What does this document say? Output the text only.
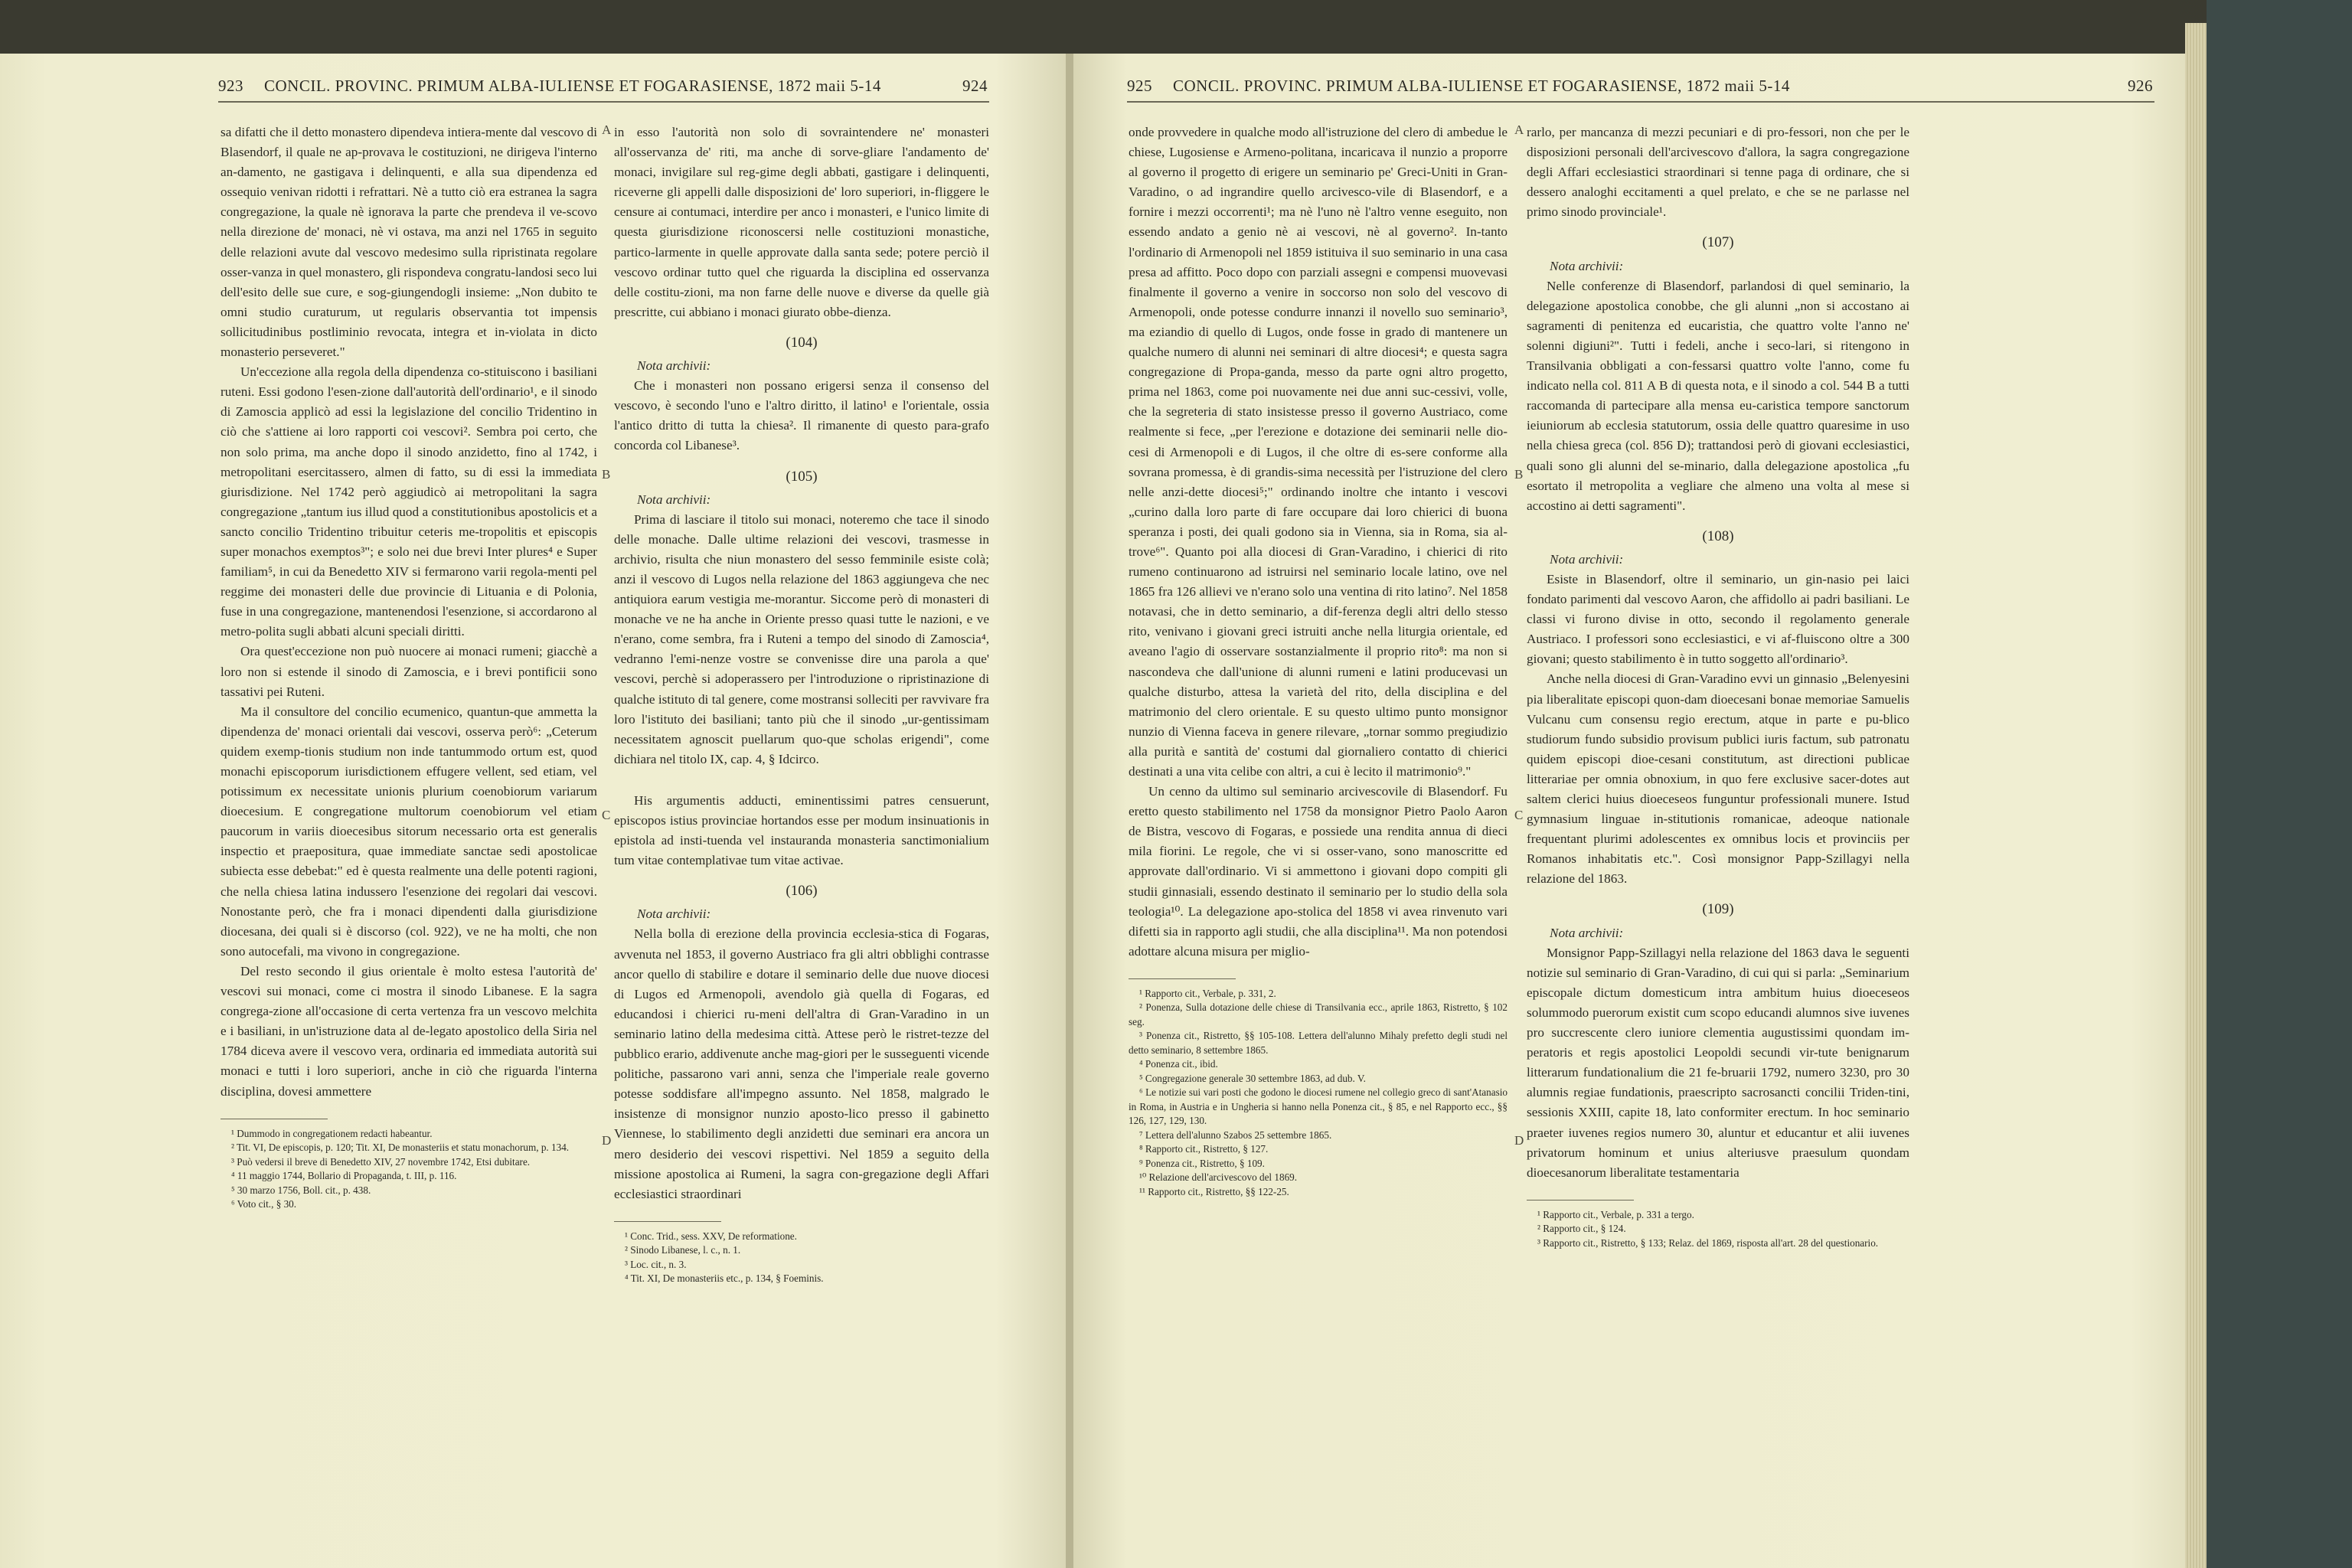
923 CONCIL. PROVINC. PRIMUM ALBA-IULIENSE ET FOGARASIENSE, 1872 maii 5-14	924
A
B
C
D

sa difatti che il detto monastero dipendeva intiera-mente dal vescovo di Blasendorf, il quale ne ap-provava le costituzioni, ne dirigeva l'interno an-damento, ne gastigava i delinquenti, e alla sua dipendenza ed ossequio venivan ridotti i refrattari. Nè a tutto ciò era estranea la sagra congregazione, la quale nè ignorava la parte che prendeva il ve-scovo nella direzione de' monaci, nè vi ostava, ma anzi nel 1765 in seguito delle relazioni avute dal vescovo medesimo sulla ripristinata regolare osser-vanza in quel monastero, gli rispondeva congratu-landosi seco lui dell'esito delle sue cure, e sog-giungendogli insieme: „Non dubito te omni studio curaturum, ut regularis observantia tot impensis sollicitudinibus postliminio revocata, integra et in-violata in dicto monasterio perseveret."

Un'eccezione alla regola della dipendenza co-stituiscono i basiliani ruteni. Essi godono l'esen-zione dall'autorità dell'ordinario¹, e il sinodo di Zamoscia applicò ad essi la legislazione del concilio Tridentino in ciò che s'attiene ai loro rapporti coi vescovi². Sembra poi certo, che non solo prima, ma anche dopo il sinodo anzidetto, fino al 1742, i metropolitani esercitassero, almen di fatto, su di essi la immediata giurisdizione. Nel 1742 però aggiudicò ai metropolitani la sagra congregazione „tantum ius illud quod a constitutionibus apostolicis et a sancto concilio Tridentino tribuitur ceteris me-tropolitis et episcopis super monachos exemptos³"; e solo nei due brevi Inter plures⁴ e Super familiam⁵, in cui da Benedetto XIV si fermarono varii regola-menti pel reggime dei monasteri delle due provincie di Lituania e di Polonia, fuse in una congregazione, mantenendosi l'esenzione, si accordarono al metro-polita sugli abbati alcuni speciali diritti.

Ora quest'eccezione non può nuocere ai monaci rumeni; giacchè a loro non si estende il sinodo di Zamoscia, e i brevi pontificii sono tassativi pei Ruteni.

Ma il consultore del concilio ecumenico, quantun-que ammetta la dipendenza de' monaci orientali dai vescovi, osserva però⁶: „Ceterum quidem exemp-tionis studium non inde tantummodo ortum est, quod monachi episcoporum iurisdictionem effugere vellent, sed etiam, vel potissimum ex necessitate unionis plurium coenobiorum variarum dioecesium. E congregatione multorum coenobiorum vel etiam paucorum in variis dioecesibus sitorum necessario orta est generalis inspectio et praepositura, quae immediate sanctae sedi apostolicae subiecta esse debebat:" ed è questa realmente una delle potenti ragioni, che nella chiesa latina indussero l'esenzione dei regolari dai vescovi. Nonostante però, che fra i monaci dipendenti dalla giurisdizione diocesana, dei quali si è discorso (col. 922), ve ne ha molti, che non sono autocefali, ma vivono in congregazione.

Del resto secondo il gius orientale è molto estesa l'autorità de' vescovi sui monaci, come ci mostra il sinodo Libanese. E la sagra congrega-zione all'occasione di certa vertenza fra un vescovo melchita e i basiliani, in un'istruzione data al de-legato apostolico della Siria nel 1784 diceva avere il vescovo vera, ordinaria ed immediata autorità sui monaci e tutti i loro superiori, anche in ciò che riguarda l'interna disciplina, dovesi ammettere

¹ Dummodo in congregationem redacti habeantur.

² Tit. VI, De episcopis, p. 120; Tit. XI, De monasteriis et statu monachorum, p. 134.

³ Può vedersi il breve di Benedetto XIV, 27 novembre 1742, Etsi dubitare.

⁴ 11 maggio 1744, Bollario di Propaganda, t. III, p. 116.

⁵ 30 marzo 1756, Boll. cit., p. 438.

⁶ Voto cit., § 30.

in esso l'autorità non solo di sovraintendere ne' monasteri all'osservanza de' riti, ma anche di sorve-gliare l'andamento de' monaci, invigilare sul reg-gime degli abbati, gastigare i delinquenti, riceverne gli appelli dalle disposizioni de' loro superiori, in-fliggere le censure ai contumaci, interdire per anco i monasteri, e l'unico limite di questa giurisdizione riconoscersi nelle costituzioni monastiche, partico-larmente in quelle approvate dalla santa sede; potere perciò il vescovo ordinar tutto quel che riguarda la disciplina ed osservanza delle costitu-zioni, ma non farne delle nuove e diverse da quelle già prescritte, cui abbiano i monaci giurato obbe-dienza.

(104)

Nota archivii:

Che i monasteri non possano erigersi senza il consenso del vescovo, è secondo l'uno e l'altro diritto, il latino¹ e l'orientale, ossia l'antico dritto di tutta la chiesa². Il rimanente di questo para-grafo concorda col Libanese³.

(105)

Nota archivii:

Prima di lasciare il titolo sui monaci, noteremo che tace il sinodo delle monache. Dalle ultime relazioni dei vescovi, trasmesse in archivio, risulta che niun monastero del sesso femminile esiste colà; anzi il vescovo di Lugos nella relazione del 1863 aggiungeva che nec antiquiora earum vestigia me-morantur. Siccome però di monasteri di monache ve ne ha anche in Oriente presso quasi tutte le nazioni, e ve n'erano, come sembra, fra i Ruteni a tempo del sinodo di Zamoscia⁴, vedranno l'emi-nenze vostre se convenisse dire una parola a que' vescovi, perchè si adoperassero per l'introduzione o ripristinazione di qualche istituto di tal genere, come mostransi solleciti per ravvivare fra loro l'istituto dei basiliani; tanto più che il sinodo „ur-gentissimam necessitatem agnoscit puellarum quo-que scholas erigendi", come dichiara nel titolo IX, cap. 4, § Idcirco.

His argumentis adducti, eminentissimi patres censuerunt, episcopos istius provinciae hortandos esse per modum insinuationis in epistola ad insti-tuenda vel instauranda monasteria sanctimonialium tum vitae contemplativae tum vitae activae.

(106)

Nota archivii:

Nella bolla di erezione della provincia ecclesia-stica di Fogaras, avvenuta nel 1853, il governo Austriaco fra gli altri obblighi contrasse ancor quello di stabilire e dotare il seminario delle due nuove diocesi di Lugos ed Armenopoli, avendolo già quella di Fogaras, ed educandosi i chierici ru-meni dell'altra di Gran-Varadino in un seminario latino della medesima città. Attese però le ristret-tezze del pubblico erario, addivenute anche mag-giori per le susseguenti vicende politiche, passarono vari anni, senza che l'imperiale reale governo potesse soddisfare all'impegno assunto. Nel 1858, malgrado le insistenze di monsignor nunzio aposto-lico presso il gabinetto Viennese, lo stabilimento degli anzidetti due seminari era ancora un mero desiderio dei vescovi rispettivi. Nel 1859 a seguito della missione apostolica ai Rumeni, la sagra con-gregazione degli Affari ecclesiastici straordinari

¹ Conc. Trid., sess. XXV, De reformatione.

² Sinodo Libanese, l. c., n. 1.

³ Loc. cit., n. 3.

⁴ Tit. XI, De monasteriis etc., p. 134, § Foeminis.

925 CONCIL. PROVINC. PRIMUM ALBA-IULIENSE ET FOGARASIENSE, 1872 maii 5-14	926
A
B
C
D

onde provvedere in qualche modo all'istruzione del clero di ambedue le chiese, Lugosiense e Armeno-politana, incaricava il nunzio a proporre al governo il progetto di erigere un seminario pe' Greci-Uniti in Gran-Varadino, o ad ingrandire quello arcivesco-vile di Blasendorf, e a fornire i mezzi occorrenti¹; ma nè l'uno nè l'altro venne eseguito, non essendo andato a genio nè ai vescovi, nè al governo². In-tanto l'ordinario di Armenopoli nel 1859 istituiva il suo seminario in una casa presa ad affitto. Poco dopo con parziali assegni e compensi muovevasi finalmente il governo a venire in soccorso non solo del vescovo di Armenopoli, onde potesse condurre innanzi il novello suo seminario³, ma eziandio di quello di Lugos, onde fosse in grado di mantenere un qualche numero di alunni nei seminari di altre diocesi⁴; e questa sagra congregazione di Propa-ganda, messo da parte ogni altro progetto, prima nel 1863, come poi nuovamente nei due anni suc-cessivi, volle, che la segreteria di stato insistesse presso il governo Austriaco, come realmente si fece, „per l'erezione e dotazione dei seminarii nelle dio-cesi di Armenopoli e di Lugos, il che oltre di es-sere conforme alla sovrana promessa, è di grandis-sima necessità per l'istruzione del clero nelle anzi-dette diocesi⁵;" ordinando inoltre che intanto i vescovi „curino dalla loro parte di fare occupare dai loro chierici di buona speranza i posti, dei quali godono sia in Vienna, sia in Roma, sia al-trove⁶". Quanto poi alla diocesi di Gran-Varadino, i chierici di rito rumeno continuarono ad istruirsi nel seminario locale latino, ove nel 1865 fra 126 allievi ve n'erano solo una ventina di rito latino⁷. Nel 1858 notavasi, che in detto seminario, a dif-ferenza degli altri dello stesso rito, venivano i giovani greci istruiti anche nella liturgia orientale, ed aveano l'agio di osservare sostanzialmente il proprio rito⁸: ma non si nascondeva che dall'unione di alunni rumeni e latini producevasi un qualche disturbo, attesa la varietà del rito, della disciplina e del matrimonio del clero orientale. E su questo ultimo punto monsignor nunzio di Vienna faceva in genere rilevare, „tornar sommo pregiudizio alla purità e santità de' costumi dal giornaliero contatto di chierici destinati a una vita celibe con altri, a cui è lecito il matrimonio⁹."

Un cenno da ultimo sul seminario arcivescovile di Blasendorf. Fu eretto questo stabilimento nel 1758 da monsignor Pietro Paolo Aaron de Bistra, vescovo di Fogaras, e possiede una rendita annua di dieci mila fiorini. Le regole, che vi si osser-vano, sono manoscritte ed approvate dall'ordinario. Vi si ammettono i giovani dopo compiti gli studii ginnasiali, essendo destinato il seminario per lo studio della sola teologia¹⁰. La delegazione apo-stolica del 1858 vi avea rinvenuto vari difetti sia in rapporto agli studii, che alla disciplina¹¹. Ma non potendosi adottare alcuna misura per miglio-

¹ Rapporto cit., Verbale, p. 331, 2.

² Ponenza, Sulla dotazione delle chiese di Transilvania ecc., aprile 1863, Ristretto, § 102 seg.

³ Ponenza cit., Ristretto, §§ 105-108. Lettera dell'alunno Mihaly prefetto degli studi nel detto seminario, 8 settembre 1865.

⁴ Ponenza cit., ibid.

⁵ Congregazione generale 30 settembre 1863, ad dub. V.

⁶ Le notizie sui vari posti che godono le diocesi rumene nel collegio greco di sant'Atanasio in Roma, in Austria e in Ungheria si hanno nella Ponenza cit., § 85, e nel Rapporto ecc., §§ 126, 127, 129, 130.

⁷ Lettera dell'alunno Szabos 25 settembre 1865.

⁸ Rapporto cit., Ristretto, § 127.

⁹ Ponenza cit., Ristretto, § 109.

¹⁰ Relazione dell'arcivescovo del 1869.

¹¹ Rapporto cit., Ristretto, §§ 122-25.

rarlo, per mancanza di mezzi pecuniari e di pro-fessori, non che per le disposizioni personali dell'arcivescovo d'allora, la sagra congregazione degli Affari ecclesiastici straordinari si tenne paga di ordinare, che si dessero analoghi eccitamenti a quel prelato, e che se ne parlasse nel primo sinodo provinciale¹.

(107)

Nota archivii:

Nelle conferenze di Blasendorf, parlandosi di quel seminario, la delegazione apostolica conobbe, che gli alunni „non si accostano ai sagramenti di penitenza ed eucaristia, che quattro volte l'anno ne' solenni digiuni²". Tutti i fedeli, anche i seco-lari, si ritengono in Transilvania obbligati a con-fessarsi quattro volte l'anno, come fu indicato nella col. 811 A B di questa nota, e il sinodo a col. 544 B a tutti raccomanda di partecipare alla mensa eu-caristica tempore sanctorum ieiuniorum ab ecclesia statutorum, ossia delle quattro quaresime in uso nella chiesa greca (col. 856 D); trattandosi però di giovani ecclesiastici, quali sono gli alunni del se-minario, dalla delegazione apostolica „fu esortato il metropolita a vegliare che almeno una volta al mese si accostino ai detti sagramenti".

(108)

Nota archivii:

Esiste in Blasendorf, oltre il seminario, un gin-nasio pei laici fondato parimenti dal vescovo Aaron, che affidollo ai padri basiliani. Le classi vi furono divise in otto, secondo il regolamento generale Austriaco. I professori sono ecclesiastici, e vi af-fluiscono oltre a 300 giovani; questo stabilimento è in tutto soggetto all'ordinario³.

Anche nella diocesi di Gran-Varadino evvi un ginnasio „Belenyesini pia liberalitate episcopi quon-dam dioecesani bonae memoriae Samuelis Vulcanu cum consensu regio erectum, atque in parte e pu-blico studiorum fundo subsidio provisum publici iuris factum, sub patronatu quidem episcopi dioe-cesani constitutum, ast directioni publicae litterariae per omnia obnoxium, in quo fere exclusive sacer-dotes aut saltem clerici huius dioeceseos funguntur professionali munere. Istud gymnasium linguae in-stitutionis romanicae, adeoque nationale frequentant plurimi adolescentes ex omnibus locis et provinciis per Romanos inhabitatis etc.". Così monsignor Papp-Szillagyi nella relazione del 1863.

(109)

Nota archivii:

Monsignor Papp-Szillagyi nella relazione del 1863 dava le seguenti notizie sul seminario di Gran-Varadino, di cui qui si parla: „Seminarium episcopale dictum domesticum intra ambitum huius dioeceseos solummodo puerorum existit cum scopo educandi alumnos sive iuvenes pro succrescente clero iuniore clementia augustissimi quondam im-peratoris et regis apostolici Leopoldi secundi vir-tute benignarum litterarum fundationalium die 21 fe-bruarii 1792, numero 3230, pro 30 alumnis regiae fundationis, praescripto sacrosancti concilii Triden-tini, sessionis XXIII, capite 18, lato conformiter erectum. In hoc seminario praeter iuvenes regios numero 30, aluntur et educantur et alii iuvenes privatorum hominum et unius alteriusve praesulum quondam dioecesanorum liberalitate testamentaria

¹ Rapporto cit., Verbale, p. 331 a tergo.

² Rapporto cit., § 124.

³ Rapporto cit., Ristretto, § 133; Relaz. del 1869, risposta all'art. 28 del questionario.
